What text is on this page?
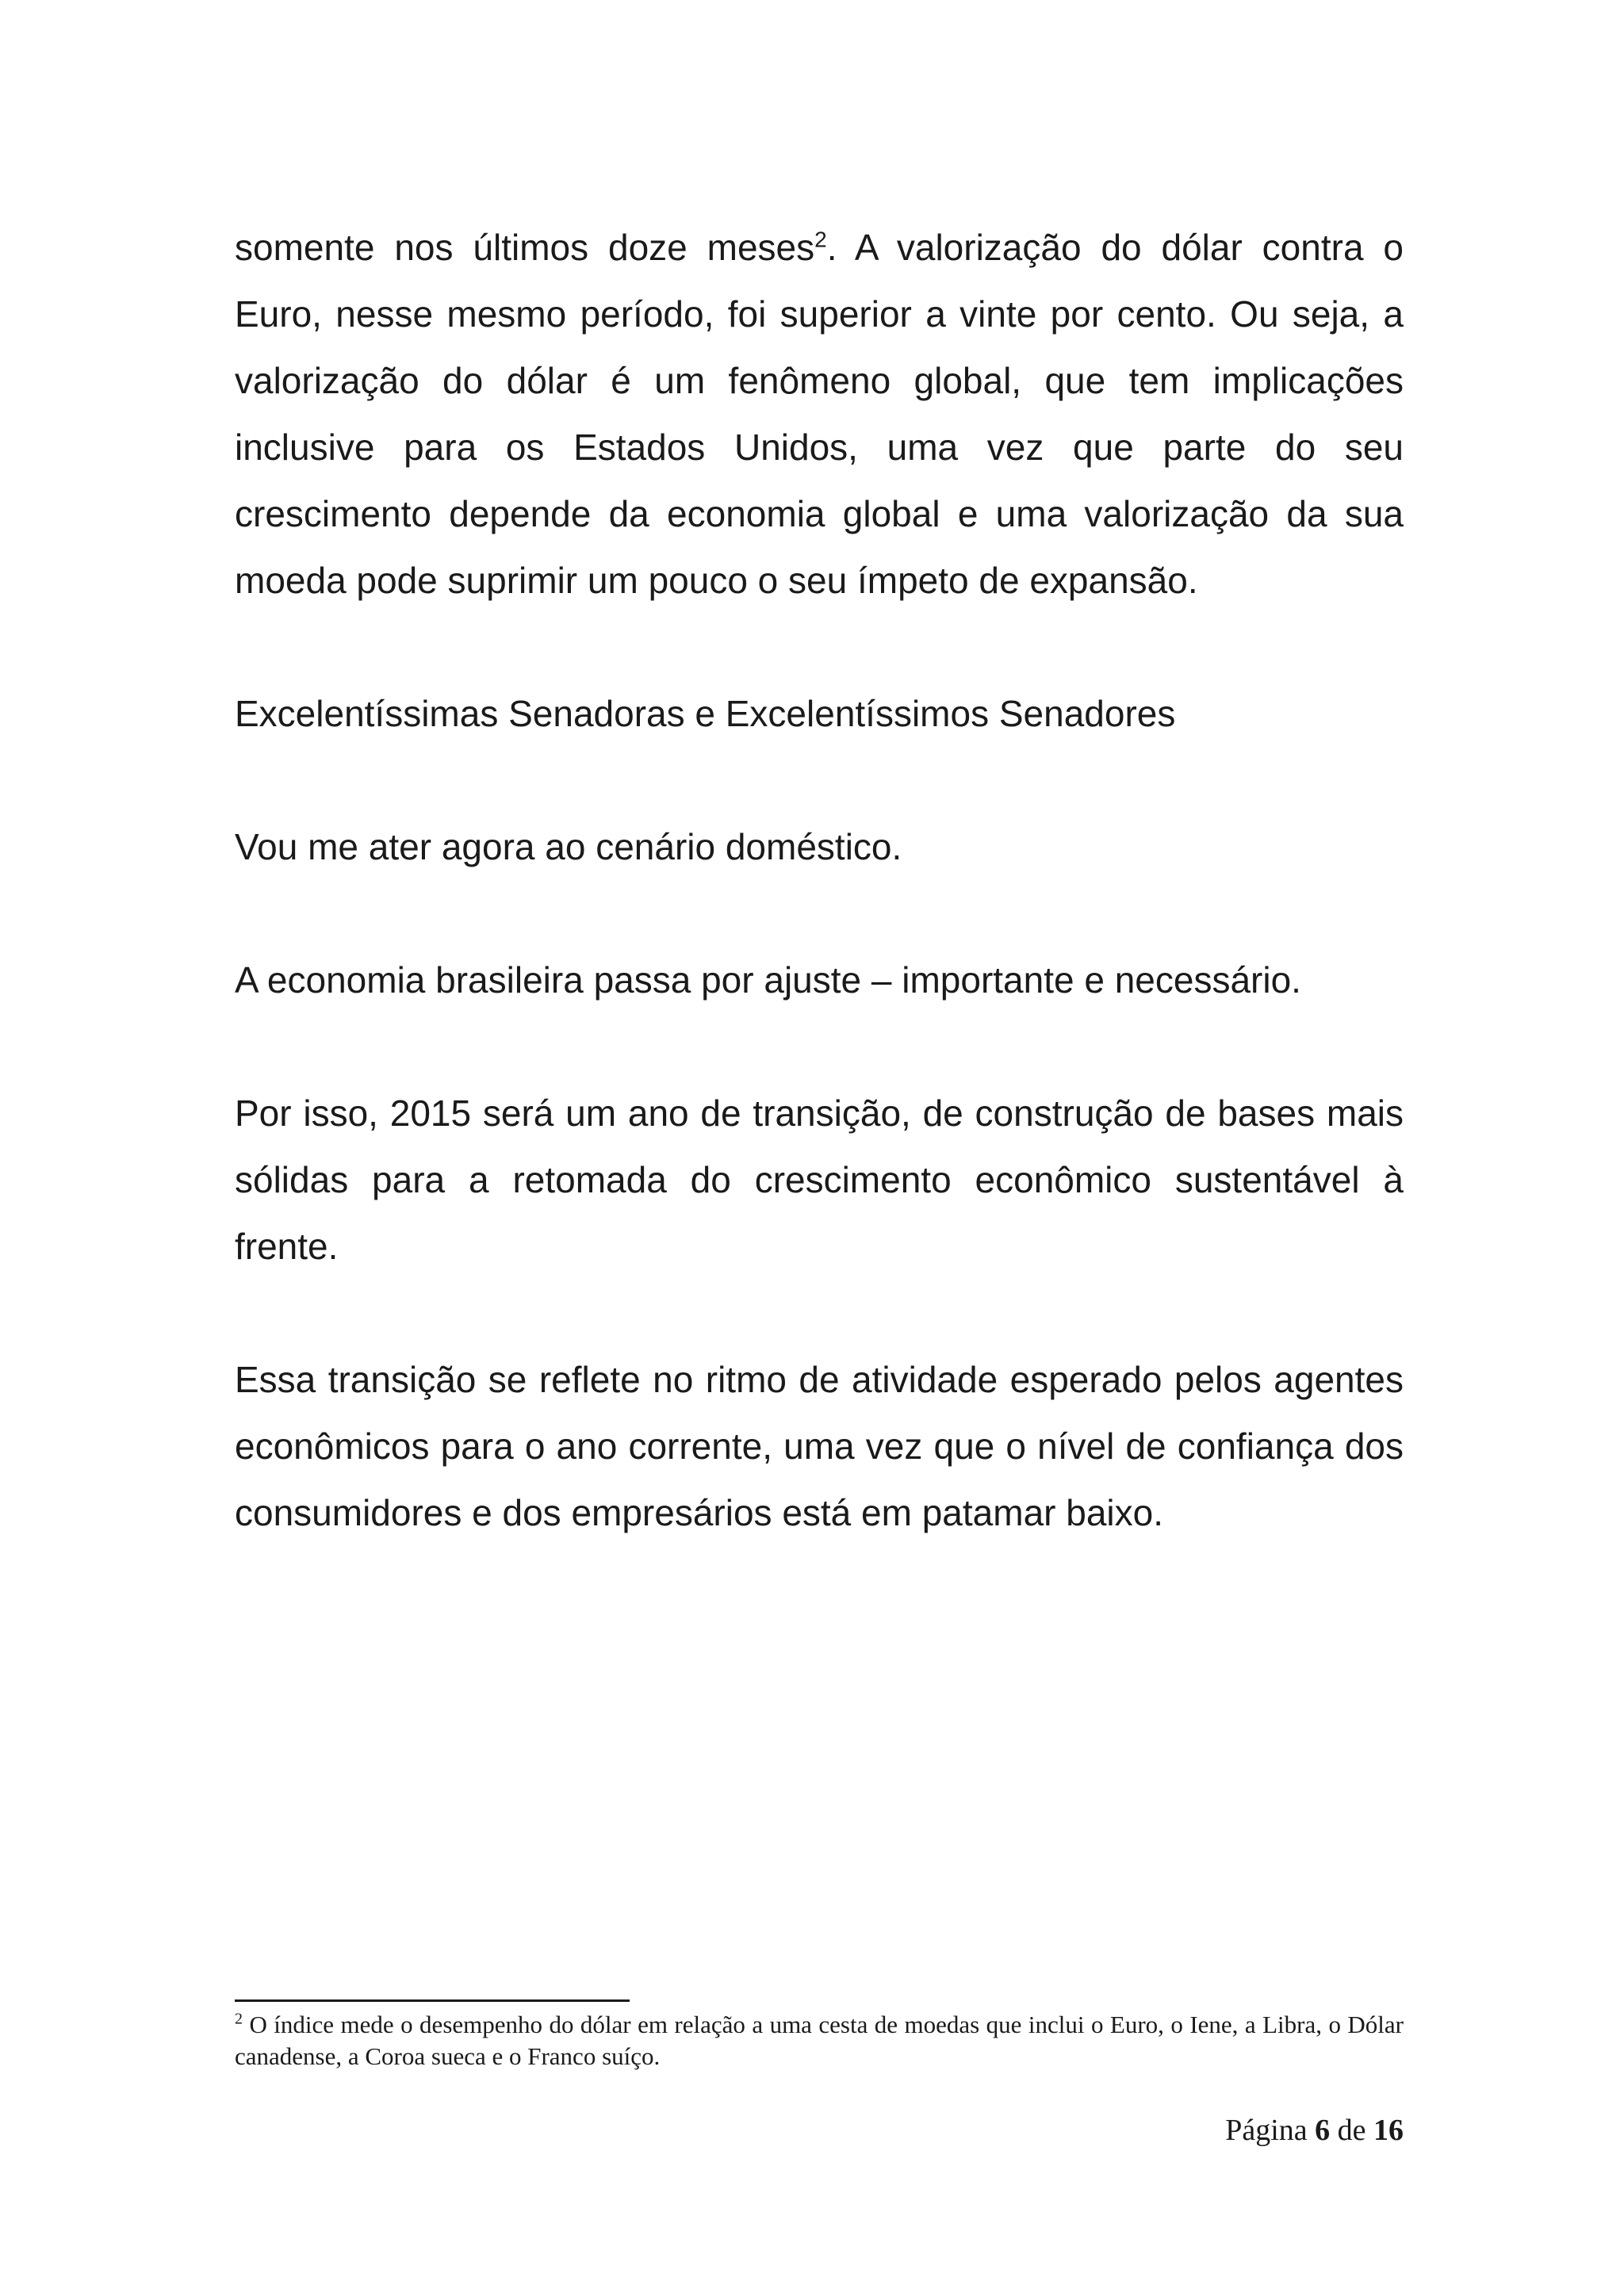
somente nos últimos doze meses$^2$. A valorização do dólar contra o Euro, nesse mesmo período, foi superior a vinte por cento. Ou seja, a valorização do dólar é um fenômeno global, que tem implicações inclusive para os Estados Unidos, uma vez que parte do seu crescimento depende da economia global e uma valorização da sua moeda pode suprimir um pouco o seu ímpeto de expansão.

Excelentíssimas Senadoras e Excelentíssimos Senadores

Vou me ater agora ao cenário doméstico.

A economia brasileira passa por ajuste – importante e necessário.

Por isso, 2015 será um ano de transição, de construção de bases mais sólidas para a retomada do crescimento econômico sustentável à frente.

Essa transição se reflete no ritmo de atividade esperado pelos agentes econômicos para o ano corrente, uma vez que o nível de confiança dos consumidores e dos empresários está em patamar baixo.

$^2$ O índice mede o desempenho do dólar em relação a uma cesta de moedas que inclui o Euro, o Iene, a Libra, o Dólar canadense, a Coroa sueca e o Franco suíço.
Página 6 de 16
